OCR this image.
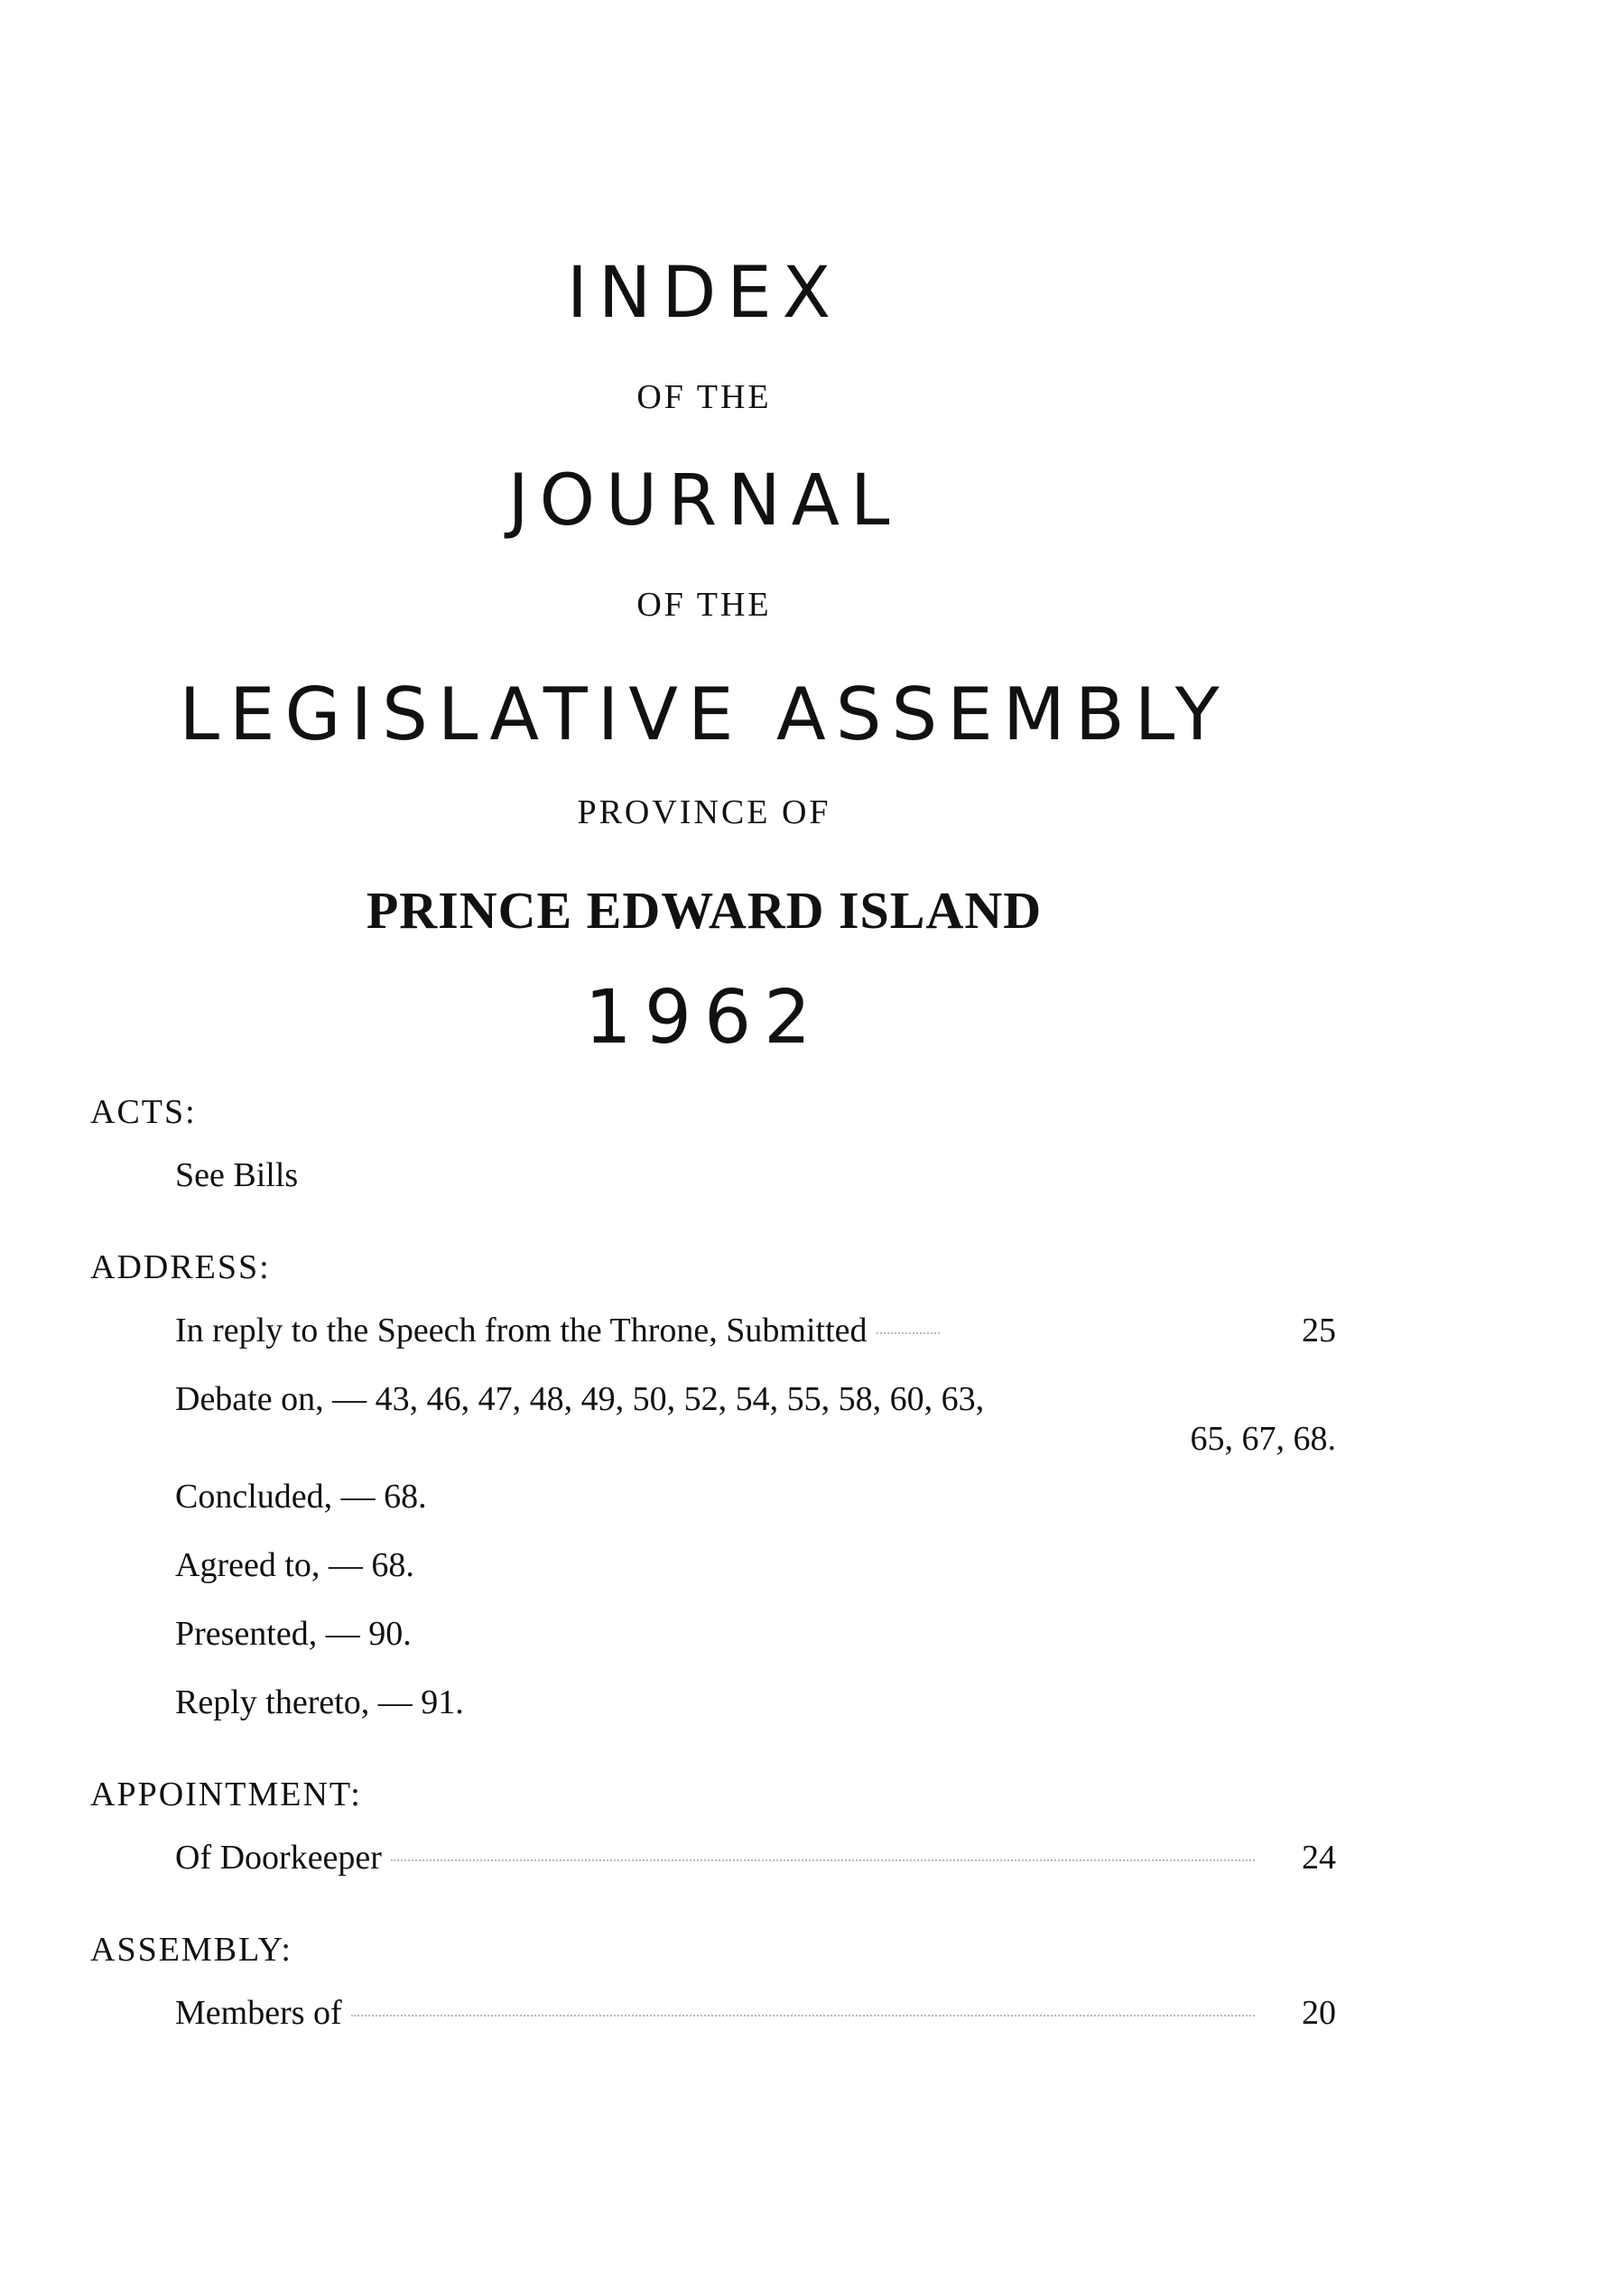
INDEX
OF THE
JOURNAL
OF THE
LEGISLATIVE ASSEMBLY
PROVINCE OF
PRINCE EDWARD ISLAND
1962
ACTS:
See Bills
ADDRESS:
In reply to the Speech from the Throne, Submitted	25
Debate on, — 43, 46, 47, 48, 49, 50, 52, 54, 55, 58, 60, 63,
65, 67, 68.
Concluded, — 68.
Agreed to, — 68.
Presented, — 90.
Reply thereto, — 91.
APPOINTMENT:
Of Doorkeeper	24
ASSEMBLY:
Members of	20
